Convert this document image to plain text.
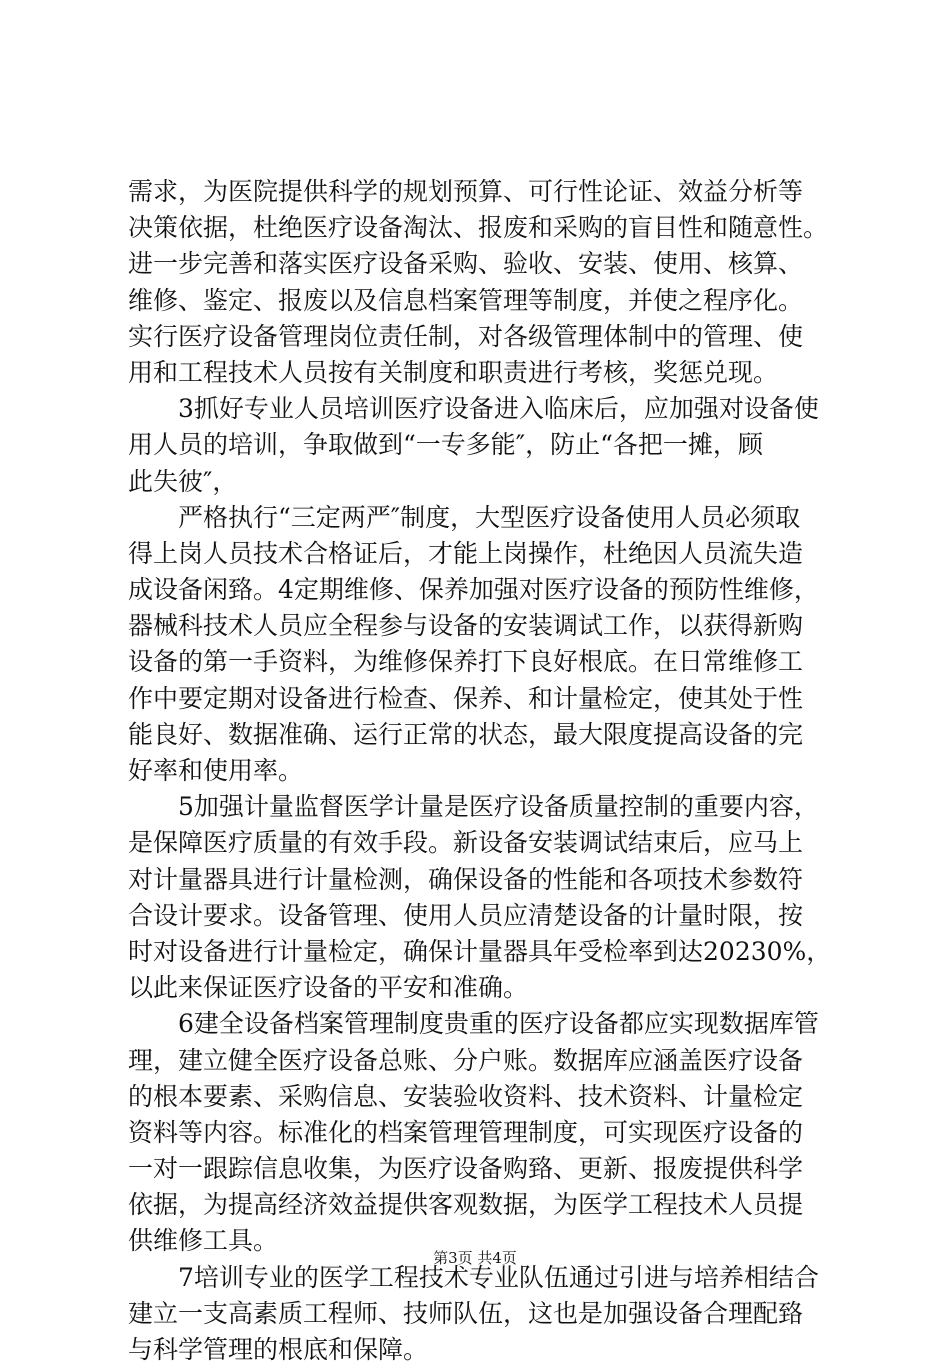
需求，为医院提供科学的规划预算、可行性论证、效益分析等
决策依据，杜绝医疗设备淘汰、报废和采购的盲目性和随意性。
进一步完善和落实医疗设备采购、验收、安装、使用、核算、
维修、鉴定、报废以及信息档案管理等制度，并使之程序化。
实行医疗设备管理岗位责任制，对各级管理体制中的管理、使
用和工程技术人员按有关制度和职责进行考核，奖惩兑现。
3抓好专业人员培训医疗设备进入临床后，应加强对设备使
用人员的培训，争取做到“一专多能″，防止“各把一摊，顾
此失彼″，
严格执行“三定两严″制度，大型医疗设备使用人员必须取
得上岗人员技术合格证后，才能上岗操作，杜绝因人员流失造
成设备闲臵。4定期维修、保养加强对医疗设备的预防性维修，
器械科技术人员应全程参与设备的安装调试工作，以获得新购
设备的第一手资料，为维修保养打下良好根底。在日常维修工
作中要定期对设备进行检查、保养、和计量检定，使其处于性
能良好、数据准确、运行正常的状态，最大限度提高设备的完
好率和使用率。
5加强计量监督医学计量是医疗设备质量控制的重要内容，
是保障医疗质量的有效手段。新设备安装调试结束后，应马上
对计量器具进行计量检测，确保设备的性能和各项技术参数符
合设计要求。设备管理、使用人员应清楚设备的计量时限，按
时对设备进行计量检定，确保计量器具年受检率到达20230%，
以此来保证医疗设备的平安和准确。
6建全设备档案管理制度贵重的医疗设备都应实现数据库管
理，建立健全医疗设备总账、分户账。数据库应涵盖医疗设备
的根本要素、采购信息、安装验收资料、技术资料、计量检定
资料等内容。标准化的档案管理管理制度，可实现医疗设备的
一对一跟踪信息收集，为医疗设备购臵、更新、报废提供科学
依据，为提高经济效益提供客观数据，为医学工程技术人员提
供维修工具。
7培训专业的医学工程技术专业队伍通过引进与培养相结合
建立一支高素质工程师、技师队伍，这也是加强设备合理配臵
与科学管理的根底和保障。
第3页 共4页
